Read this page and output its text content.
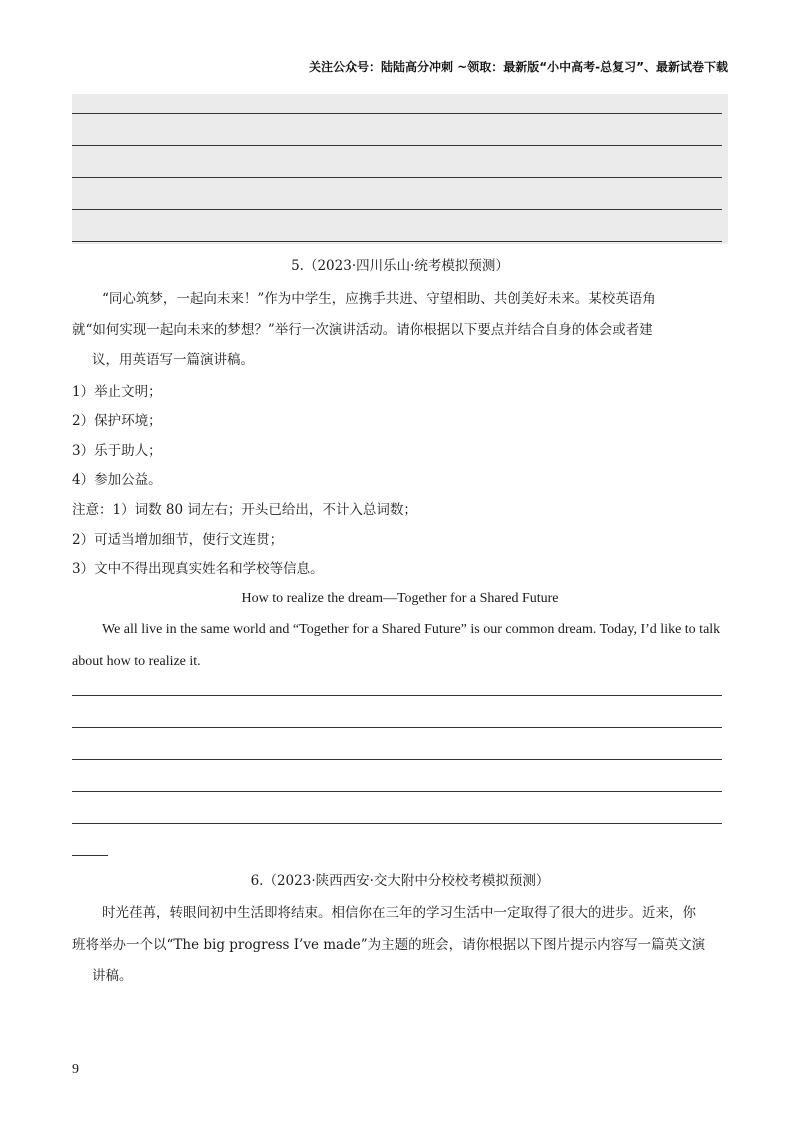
关注公众号：陆陆高分冲刺 ~领取：最新版“小中高考-总复习”、最新试卷下载
5.（2023·四川乐山·统考模拟预测）
“同心筑梦，一起向未来！”作为中学生，应携手共进、守望相助、共创美好未来。某校英语角
就“如何实现一起向未来的梦想？”举行一次演讲活动。请你根据以下要点并结合自身的体会或者建
议，用英语写一篇演讲稿。
1）举止文明；
2）保护环境；
3）乐于助人；
4）参加公益。
注意：1）词数 80 词左右；开头已给出，不计入总词数；
2）可适当增加细节，使行文连贯；
3）文中不得出现真实姓名和学校等信息。
How to realize the dream—Together for a Shared Future
We all live in the same world and “Together for a Shared Future” is our common dream. Today, I’d like to talk
about how to realize it.
6.（2023·陕西西安·交大附中分校校考模拟预测）
时光荏苒，转眼间初中生活即将结束。相信你在三年的学习生活中一定取得了很大的进步。近来，你
班将举办一个以“The big progress I’ve made”为主题的班会，请你根据以下图片提示内容写一篇英文演
讲稿。
9
